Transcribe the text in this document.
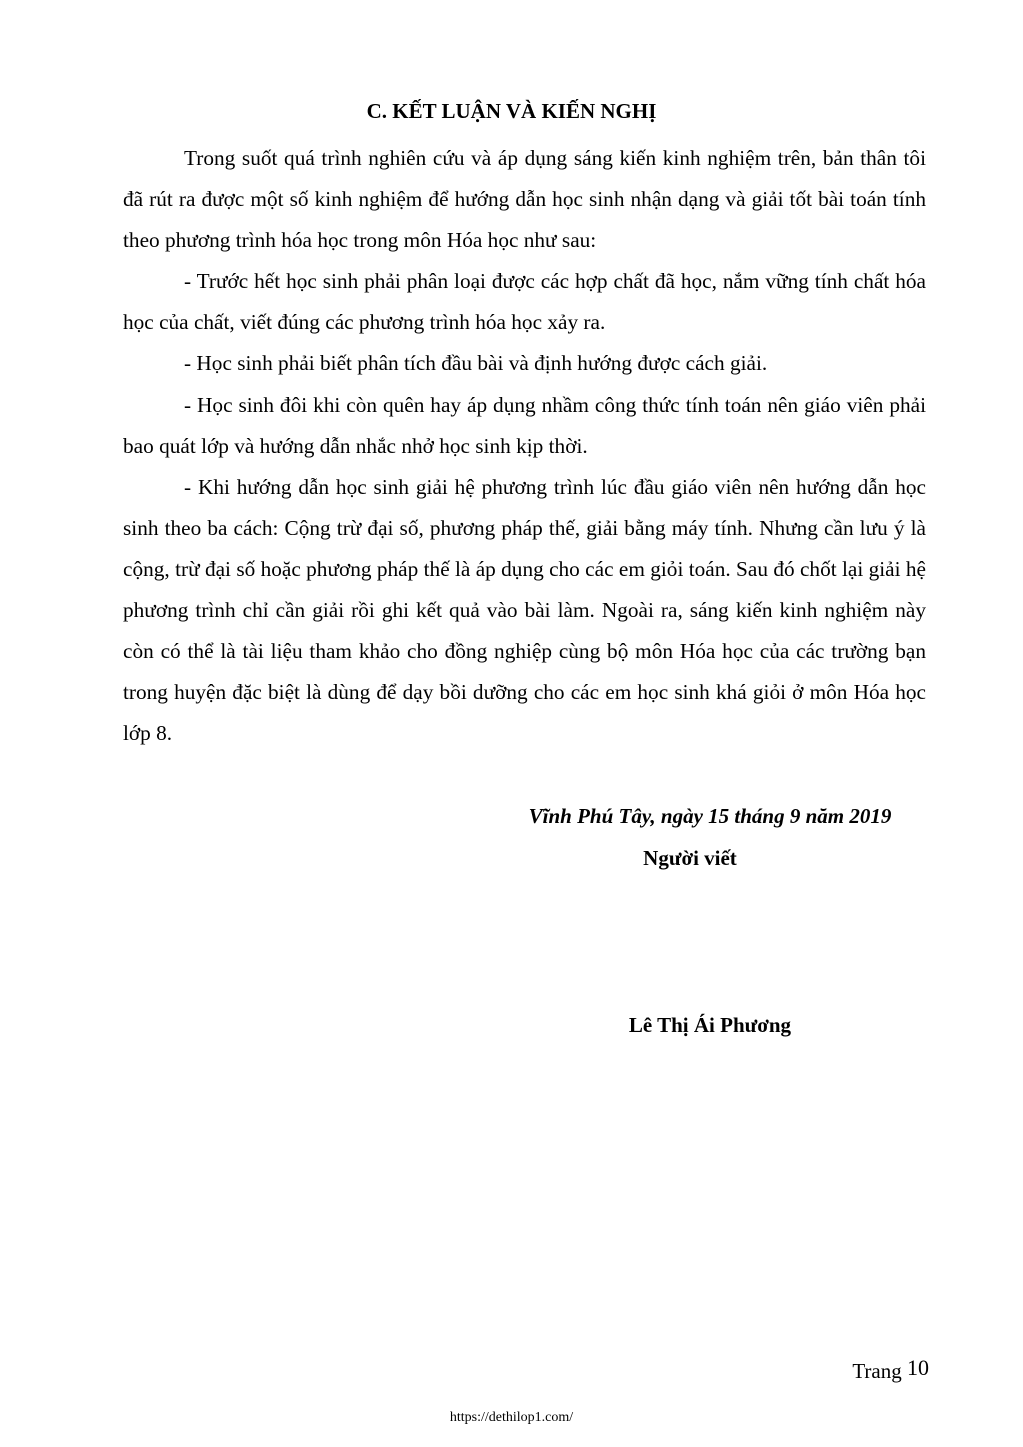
C. KẾT LUẬN VÀ KIẾN NGHỊ

Trong suốt quá trình nghiên cứu và áp dụng sáng kiến kinh nghiệm trên, bản thân tôi đã rút ra được một số kinh nghiệm để hướng dẫn học sinh nhận dạng và giải tốt bài toán tính theo phương trình hóa học trong môn Hóa học như sau:

- Trước hết học sinh phải phân loại được các hợp chất đã học, nắm vững tính chất hóa học của chất, viết đúng các phương trình hóa học xảy ra.

- Học sinh phải biết phân tích đầu bài và định hướng được cách giải.

- Học sinh đôi khi còn quên hay áp dụng nhầm công thức tính toán nên giáo viên phải bao quát lớp và hướng dẫn nhắc nhở học sinh kịp thời.

- Khi hướng dẫn học sinh giải hệ phương trình lúc đầu giáo viên nên hướng dẫn học sinh theo ba cách: Cộng trừ đại số, phương pháp thế, giải bằng máy tính. Nhưng cần lưu ý là cộng, trừ đại số hoặc phương pháp thế là áp dụng cho các em giỏi toán. Sau đó chốt lại giải hệ phương trình chỉ cần giải rồi ghi kết quả vào bài làm. Ngoài ra, sáng kiến kinh nghiệm này còn có thể là tài liệu tham khảo cho đồng nghiệp cùng bộ môn Hóa học của các trường bạn trong huyện đặc biệt là dùng để dạy bồi dưỡng cho các em học sinh khá giỏi ở môn Hóa học lớp 8.

Vĩnh Phú Tây, ngày 15 tháng 9 năm 2019
Người viết
Lê Thị Ái Phương
Trang 10
https://dethilop1.com/
